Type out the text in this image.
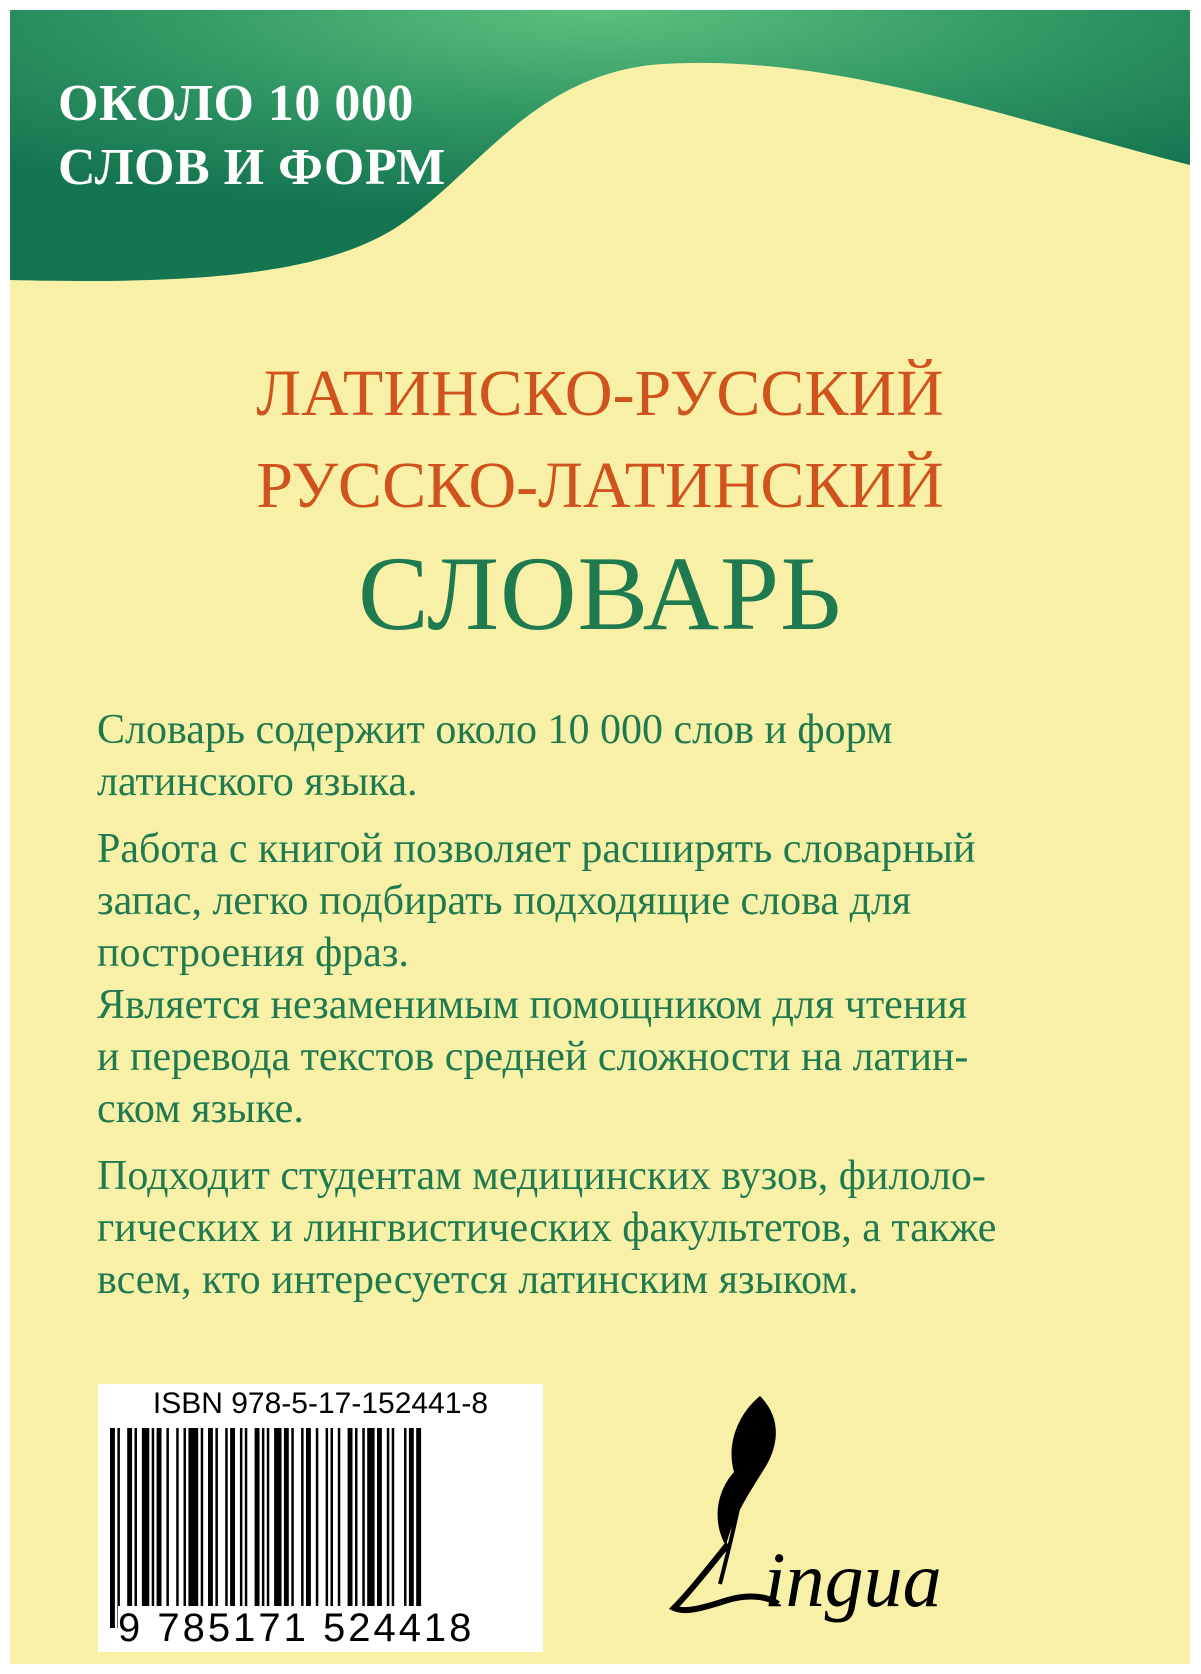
ОКОЛО 10 000
СЛОВ И ФОРМ
ЛАТИНСКО-РУССКИЙ
РУССКО-ЛАТИНСКИЙ
СЛОВАРЬ

Словарь содержит около 10 000 слов и форм

латинского языка.

Работа с книгой позволяет расширять словарный

запас, легко подбирать подходящие слова для

построения фраз.

Является незаменимым помощником для чтения

и перевода текстов средней сложности на латин-

ском языке.

Подходит студентам медицинских вузов, филоло-

гических и лингвистических факультетов, а также

всем, кто интересуется латинским языком.

ISBN 978-5-17-152441-8
9 785171 524418
ingua
